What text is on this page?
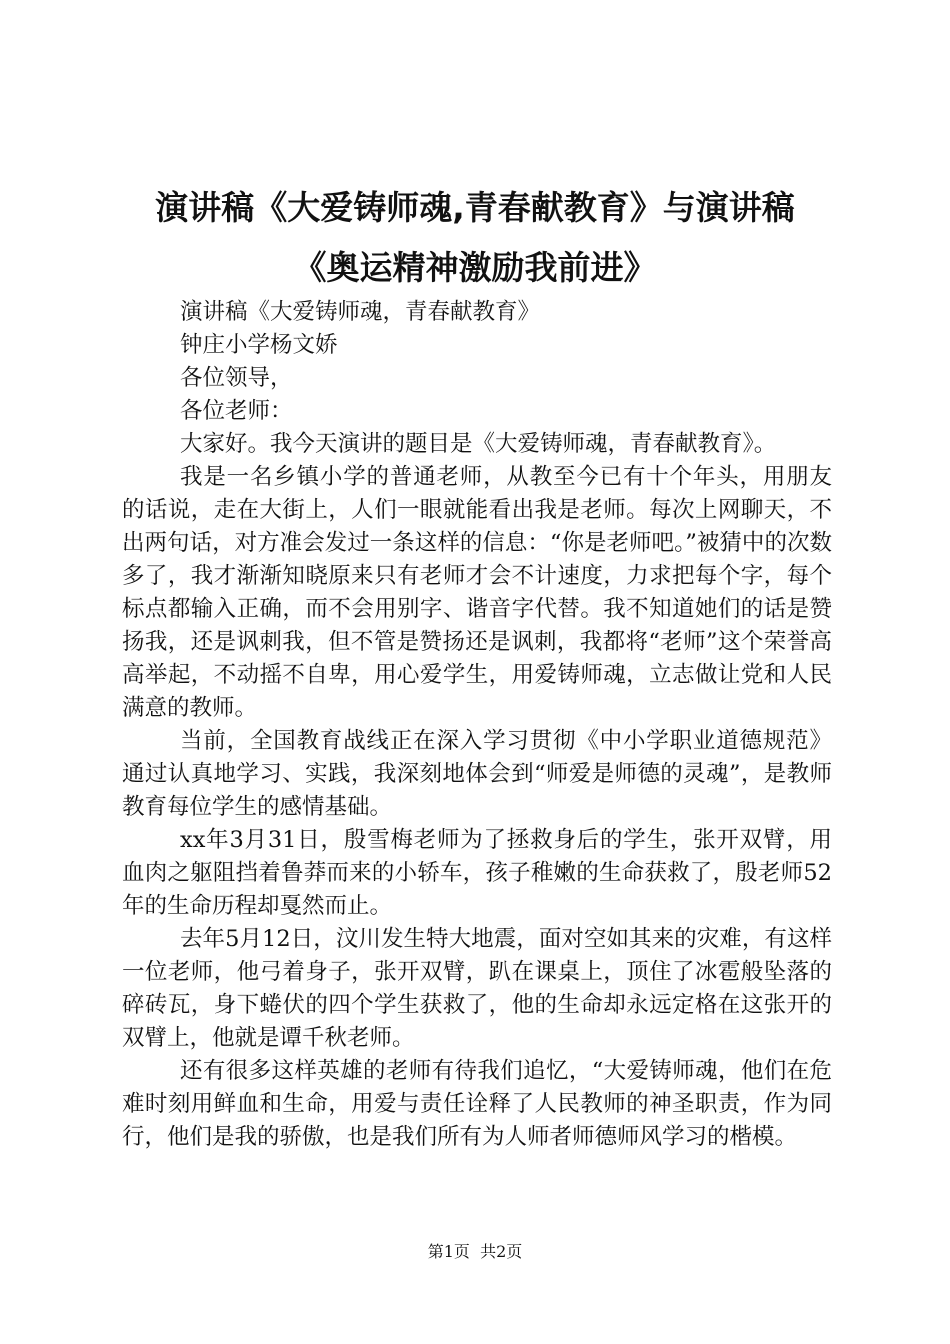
演讲稿《大爱铸师魂,青春献教育》与演讲稿
《奥运精神激励我前进》

演讲稿《大爱铸师魂，青春献教育》

钟庄小学杨文娇

各位领导，

各位老师：

大家好。我今天演讲的题目是《大爱铸师魂，青春献教育》。

我是一名乡镇小学的普通老师，从教至今已有十个年头，用朋友的话说，走在大街上，人们一眼就能看出我是老师。每次上网聊天，不出两句话，对方准会发过一条这样的信息：“你是老师吧。”被猜中的次数多了，我才渐渐知晓原来只有老师才会不计速度，力求把每个字，每个标点都输入正确，而不会用别字、谐音字代替。我不知道她们的话是赞扬我，还是讽刺我，但不管是赞扬还是讽刺，我都将“老师”这个荣誉高高举起，不动摇不自卑，用心爱学生，用爱铸师魂，立志做让党和人民满意的教师。

当前，全国教育战线正在深入学习贯彻《中小学职业道德规范》通过认真地学习、实践，我深刻地体会到“师爱是师德的灵魂”，是教师教育每位学生的感情基础。

xx年3月31日，殷雪梅老师为了拯救身后的学生，张开双臂，用血肉之躯阻挡着鲁莽而来的小轿车，孩子稚嫩的生命获救了，殷老师52年的生命历程却戛然而止。

去年5月12日，汶川发生特大地震，面对空如其来的灾难，有这样一位老师，他弓着身子，张开双臂，趴在课桌上，顶住了冰雹般坠落的碎砖瓦，身下蜷伏的四个学生获救了，他的生命却永远定格在这张开的双臂上，他就是谭千秋老师。

还有很多这样英雄的老师有待我们追忆，“大爱铸师魂，他们在危难时刻用鲜血和生命，用爱与责任诠释了人民教师的神圣职责，作为同行，他们是我的骄傲，也是我们所有为人师者师德师风学习的楷模。

第1页  共2页
